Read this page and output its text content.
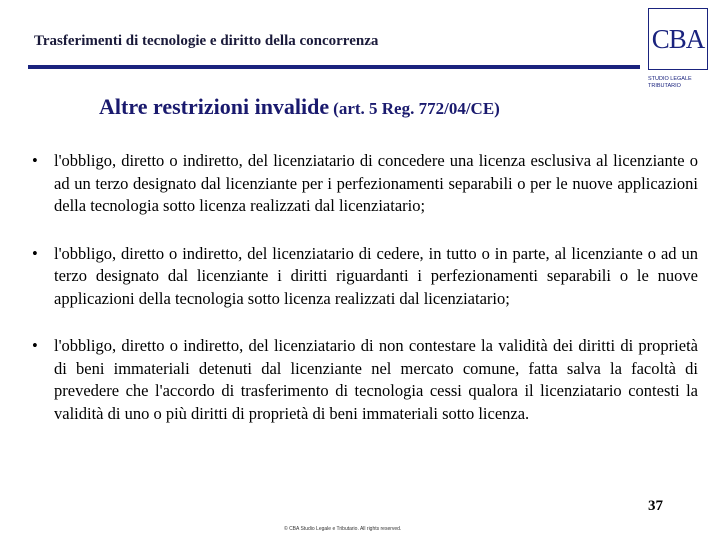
Trasferimenti di tecnologie e diritto della concorrenza	CBA
STUDIO LEGALE TRIBUTARIO
Altre restrizioni invalide (art. 5 Reg. 772/04/CE)
• l'obbligo, diretto o indiretto, del licenziatario di concedere una licenza esclusiva al licenziante o ad un terzo designato dal licenziante per i perfezionamenti separabili o per le nuove applicazioni della tecnologia sotto licenza realizzati dal licenziatario;
• l'obbligo, diretto o indiretto, del licenziatario di cedere, in tutto o in parte, al licenziante o ad un terzo designato dal licenziante i diritti riguardanti i perfezionamenti separabili o le nuove applicazioni della tecnologia sotto licenza realizzati dal licenziatario;
• l'obbligo, diretto o indiretto, del licenziatario di non contestare la validità dei diritti di proprietà di beni immateriali detenuti dal licenziante nel mercato comune, fatta salva la facoltà di prevedere che l'accordo di trasferimento di tecnologia cessi qualora il licenziatario contesti la validità di uno o più diritti di proprietà di beni immateriali sotto licenza.
37
© CBA Studio Legale e Tributario. All rights reserved.
